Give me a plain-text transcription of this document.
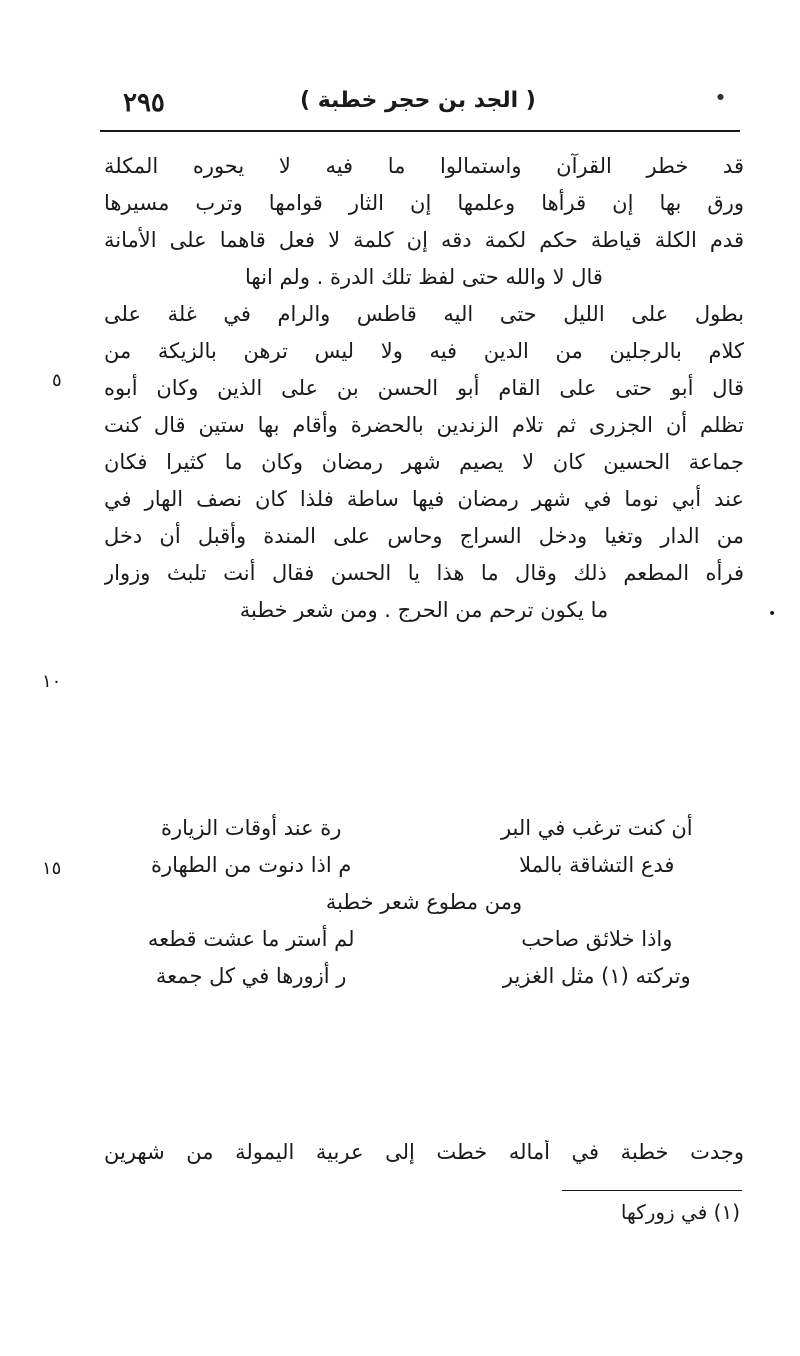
٢٩٥	( الجد بن حجر خطبة )	●
٥
١٠
١٥
•
قد خطر القرآن واستمالوا ما فيه لا يحوره المكلة
ورق بها إن قرأها وعلمها إن الثار قوامها وترب مسيرها
قدم الكلة قياطة حكم لكمة دقه إن كلمة لا فعل قاهما على الأمانة
قال لا والله حتى لفظ تلك الدرة . ولم انها
بطول على الليل حتى اليه قاطس والرام في غلة على
كلام بالرجلين من الدين فيه ولا ليس ترهن بالزيكة من
قال أبو حتى على القام أبو الحسن بن على الذين وكان أبوه
تظلم أن الجزرى ثم تلام الزندين بالحضرة وأقام بها ستين قال كنت
جماعة الحسين كان لا يصيم شهر رمضان وكان ما كثيرا فكان
عند أبي نوما في شهر رمضان فيها ساطة فلذا كان نصف الهار في
من الدار وتغيا ودخل السراج وحاس على المندة وأقبل أن دخل
فرأه المطعم ذلك وقال ما هذا يا الحسن فقال أنت تلبث وزوار
ما يكون ترحم من الحرج . ومن شعر خطبة
أن كنت ترغب في البر
رة عند أوقات الزيارة
فدع التشاقة بالملا
م اذا دنوت من الطهارة
ومن مطوع شعر خطبة
واذا خلائق صاحب
لم أستر ما عشت قطعه
وتركته (١) مثل الغزير
ر أزورها في كل جمعة
وجدت خطبة في أماله خطت إلى عربية اليمولة من شهرين
(١) في زوركها
